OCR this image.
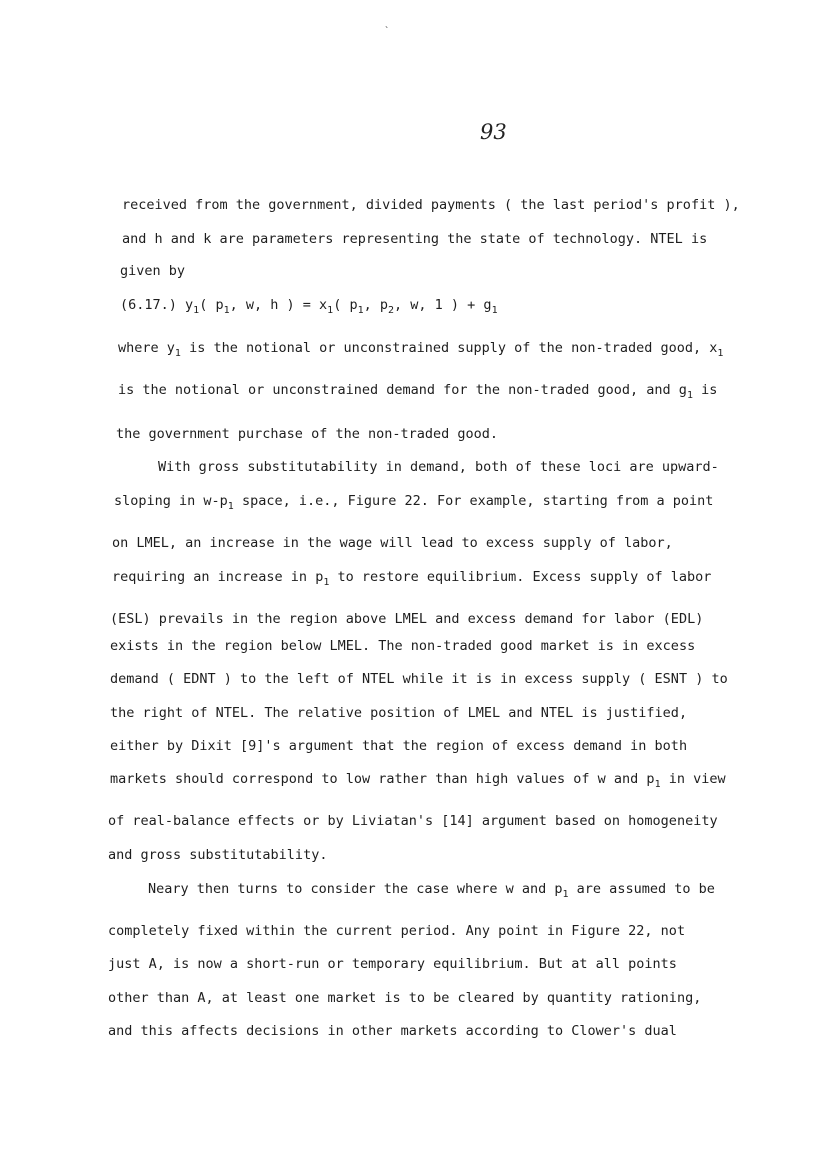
`
93
received from the government, divided payments ( the last period's profit ),
and h and k are parameters representing the state of technology. NTEL is
given by
(6.17.) $y_1$( $p_1$, w, h ) = $x_1$( $p_1$, $p_2$, w, 1 ) + $g_1$
where $y_1$ is the notional or unconstrained supply of the non-traded good, $x_1$
is the notional or unconstrained demand for the non-traded good, and $g_1$ is
the government purchase of the non-traded good.
With gross substitutability in demand, both of these loci are upward-
sloping in $w-p_1$ space, i.e., Figure 22. For example, starting from a point
on LMEL, an increase in the wage will lead to excess supply of labor,
requiring an increase in $p_1$ to restore equilibrium. Excess supply of labor
(ESL) prevails in the region above LMEL and excess demand for labor (EDL)
exists in the region below LMEL. The non-traded good market is in excess
demand ( EDNT ) to the left of NTEL while it is in excess supply ( ESNT ) to
the right of NTEL. The relative position of LMEL and NTEL is justified,
either by Dixit [9]'s argument that the region of excess demand in both
markets should correspond to low rather than high values of w and $p_1$ in view
of real-balance effects or by Liviatan's [14] argument based on homogeneity
and gross substitutability.
Neary then turns to consider the case where w and $p_1$ are assumed to be
completely fixed within the current period. Any point in Figure 22, not
just A, is now a short-run or temporary equilibrium. But at all points
other than A, at least one market is to be cleared by quantity rationing,
and this affects decisions in other markets according to Clower's dual
